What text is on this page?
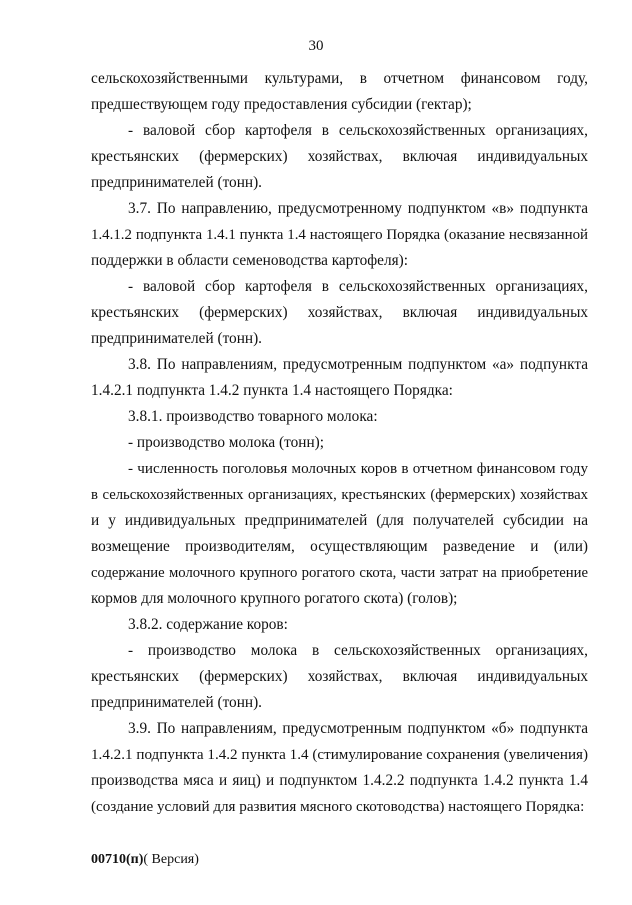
30
сельскохозяйственными культурами, в отчетном финансовом году,
предшествующем году предоставления субсидии (гектар);
- валовой сбор картофеля в сельскохозяйственных организациях,
крестьянских (фермерских) хозяйствах, включая индивидуальных
предпринимателей (тонн).
3.7. По направлению, предусмотренному подпунктом «в» подпункта
1.4.1.2 подпункта 1.4.1 пункта 1.4 настоящего Порядка (оказание несвязанной
поддержки в области семеноводства картофеля):
- валовой сбор картофеля в сельскохозяйственных организациях,
крестьянских (фермерских) хозяйствах, включая индивидуальных
предпринимателей (тонн).
3.8. По направлениям, предусмотренным подпунктом «а» подпункта
1.4.2.1 подпункта 1.4.2 пункта 1.4 настоящего Порядка:
3.8.1. производство товарного молока:
- производство молока (тонн);
- численность поголовья молочных коров в отчетном финансовом году
в сельскохозяйственных организациях, крестьянских (фермерских) хозяйствах
и у индивидуальных предпринимателей (для получателей субсидии на
возмещение производителям, осуществляющим разведение и (или)
содержание молочного крупного рогатого скота, части затрат на приобретение
кормов для молочного крупного рогатого скота) (голов);
3.8.2. содержание коров:
- производство молока в сельскохозяйственных организациях,
крестьянских (фермерских) хозяйствах, включая индивидуальных
предпринимателей (тонн).
3.9. По направлениям, предусмотренным подпунктом «б» подпункта
1.4.2.1 подпункта 1.4.2 пункта 1.4 (стимулирование сохранения (увеличения)
производства мяса и яиц) и подпунктом 1.4.2.2 подпункта 1.4.2 пункта 1.4
(создание условий для развития мясного скотоводства) настоящего Порядка:
00710(п)( Версия)
